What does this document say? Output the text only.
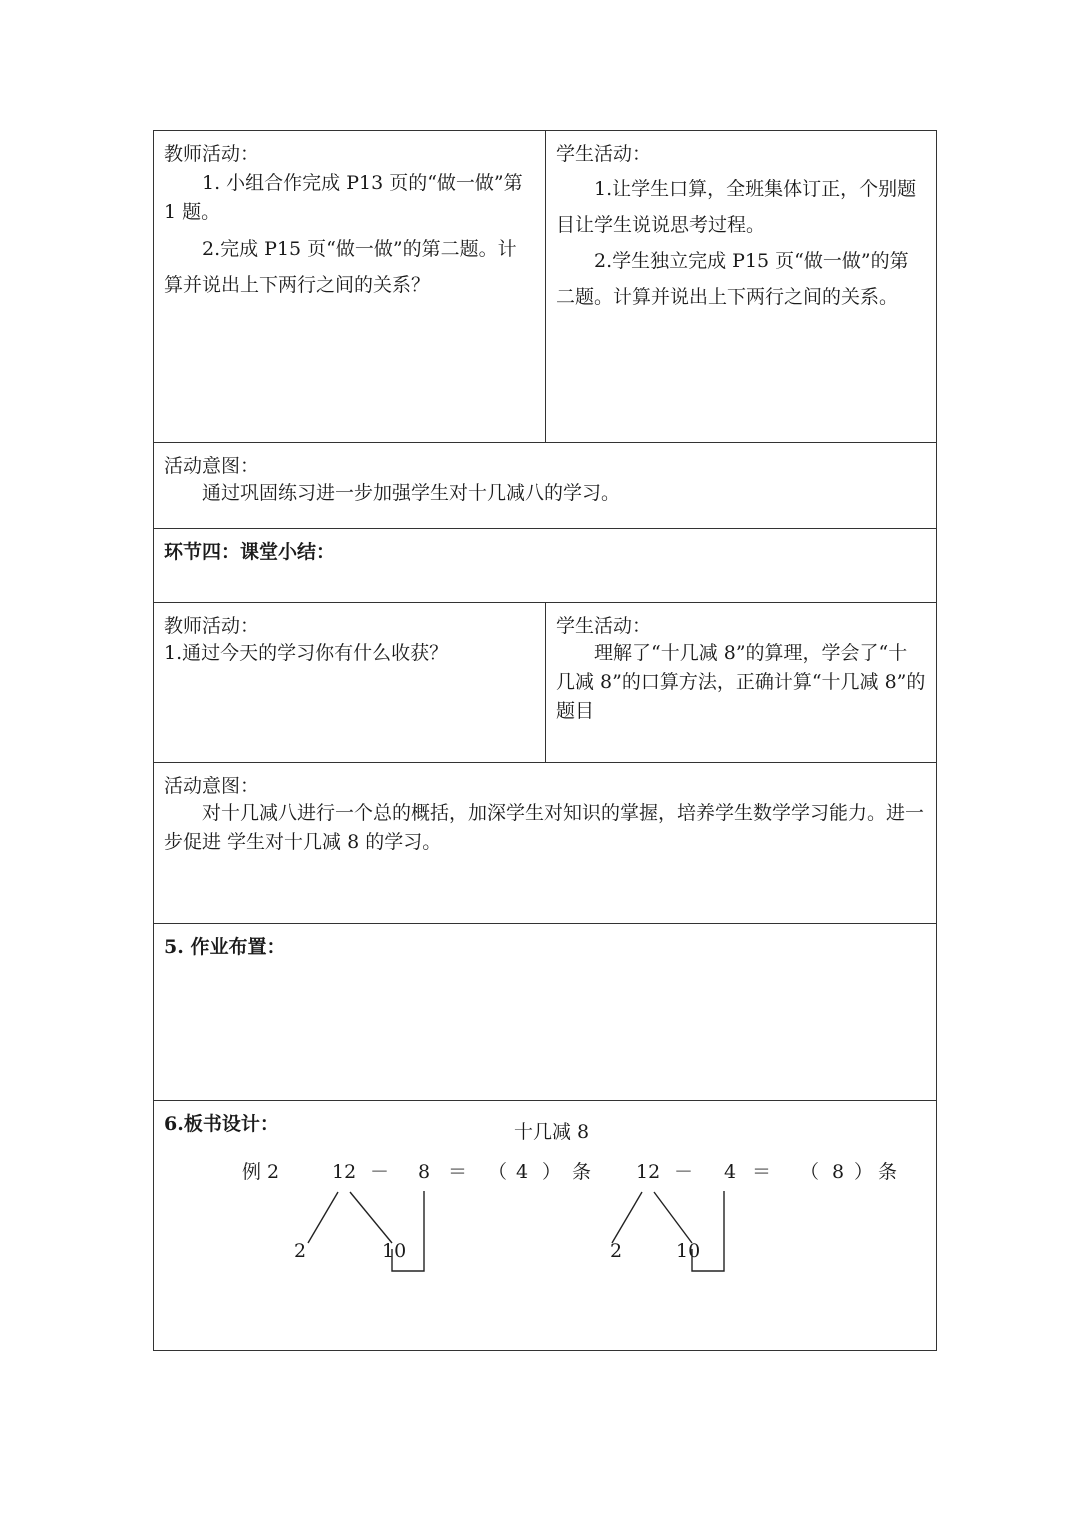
教师活动：

1. 小组合作完成 P13 页的“做一做”第 1 题。

2.完成 P15 页“做一做”的第二题。计算并说出上下两行之间的关系？

学生活动：

1.让学生口算，全班集体订正，个别题目让学生说说思考过程。

2.学生独立完成 P15 页“做一做”的第二题。计算并说出上下两行之间的关系。

活动意图：

通过巩固练习进一步加强学生对十几减八的学习。

环节四：课堂小结：
教师活动：

1.通过今天的学习你有什么收获？

学生活动：

理解了“十几减 8”的算理，学会了“十几减 8”的口算方法，正确计算“十几减 8”的题目

活动意图：

对十几减八进行一个总的概括，加深学生对知识的掌握，培养学生数学学习能力。进一步促进 学生对十几减 8 的学习。

5. 作业布置：
6.板书设计：	十几减 8
例 2	12 － 8 ＝ （ 4 ） 条 12 － 4 ＝ （ 8 ） 条
2	10	2	10
